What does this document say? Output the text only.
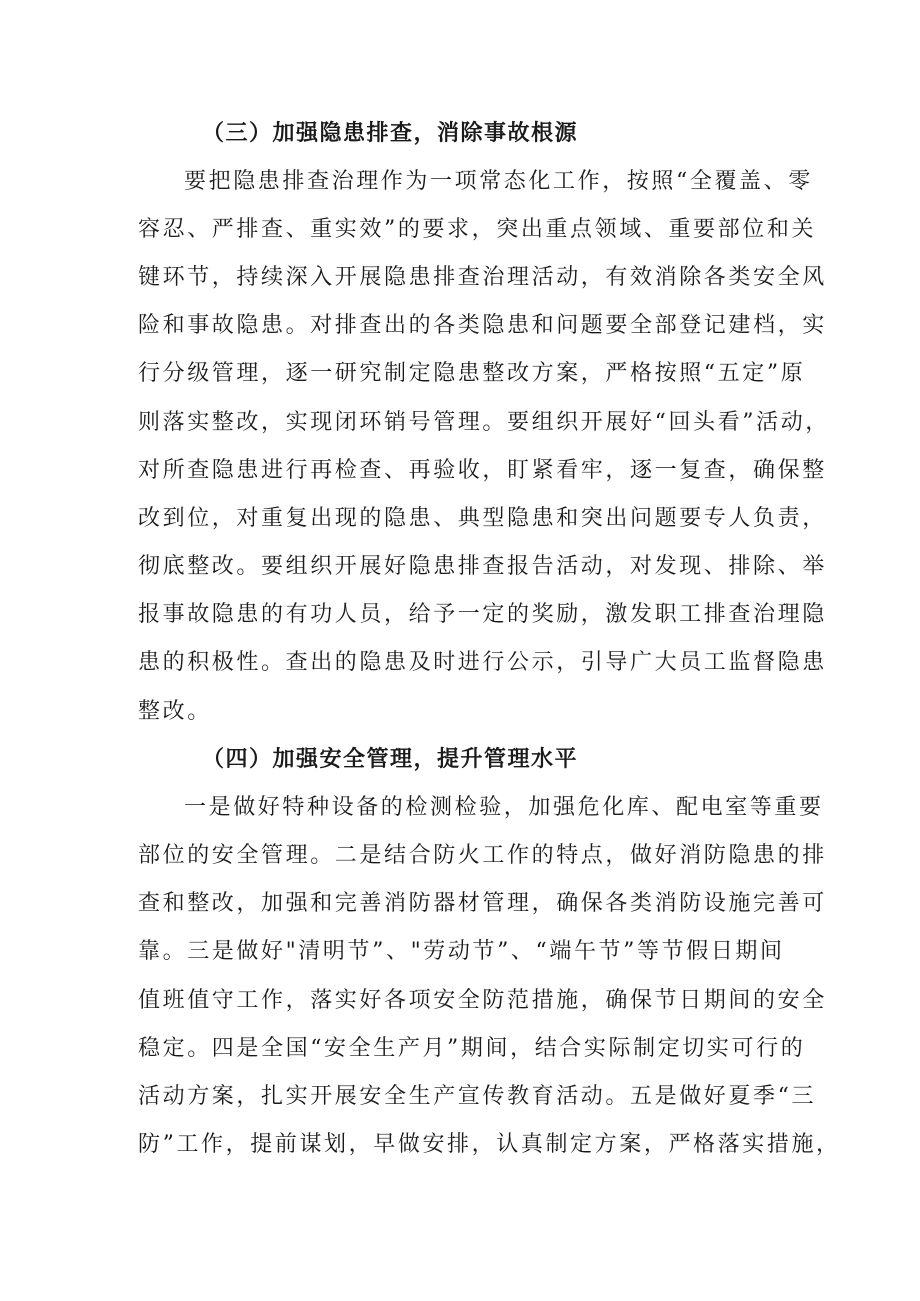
（三）加强隐患排查，消除事故根源
要把隐患排查治理作为一项常态化工作，按照“全覆盖、零
容忍、严排查、重实效”的要求，突出重点领域、重要部位和关
键环节，持续深入开展隐患排查治理活动，有效消除各类安全风
险和事故隐患。对排查出的各类隐患和问题要全部登记建档，实
行分级管理，逐一研究制定隐患整改方案，严格按照“五定”原
则落实整改，实现闭环销号管理。要组织开展好“回头看”活动，
对所查隐患进行再检查、再验收，盯紧看牢，逐一复查，确保整
改到位，对重复出现的隐患、典型隐患和突出问题要专人负责，
彻底整改。要组织开展好隐患排查报告活动，对发现、排除、举
报事故隐患的有功人员，给予一定的奖励，激发职工排查治理隐
患的积极性。查出的隐患及时进行公示，引导广大员工监督隐患
整改。
（四）加强安全管理，提升管理水平
一是做好特种设备的检测检验，加强危化库、配电室等重要
部位的安全管理。二是结合防火工作的特点，做好消防隐患的排
查和整改，加强和完善消防器材管理，确保各类消防设施完善可
靠。三是做好"清明节”、"劳动节”、“端午节”等节假日期间
值班值守工作，落实好各项安全防范措施，确保节日期间的安全
稳定。四是全国“安全生产月”期间，结合实际制定切实可行的
活动方案，扎实开展安全生产宣传教育活动。五是做好夏季“三
防”工作，提前谋划，早做安排，认真制定方案，严格落实措施，
